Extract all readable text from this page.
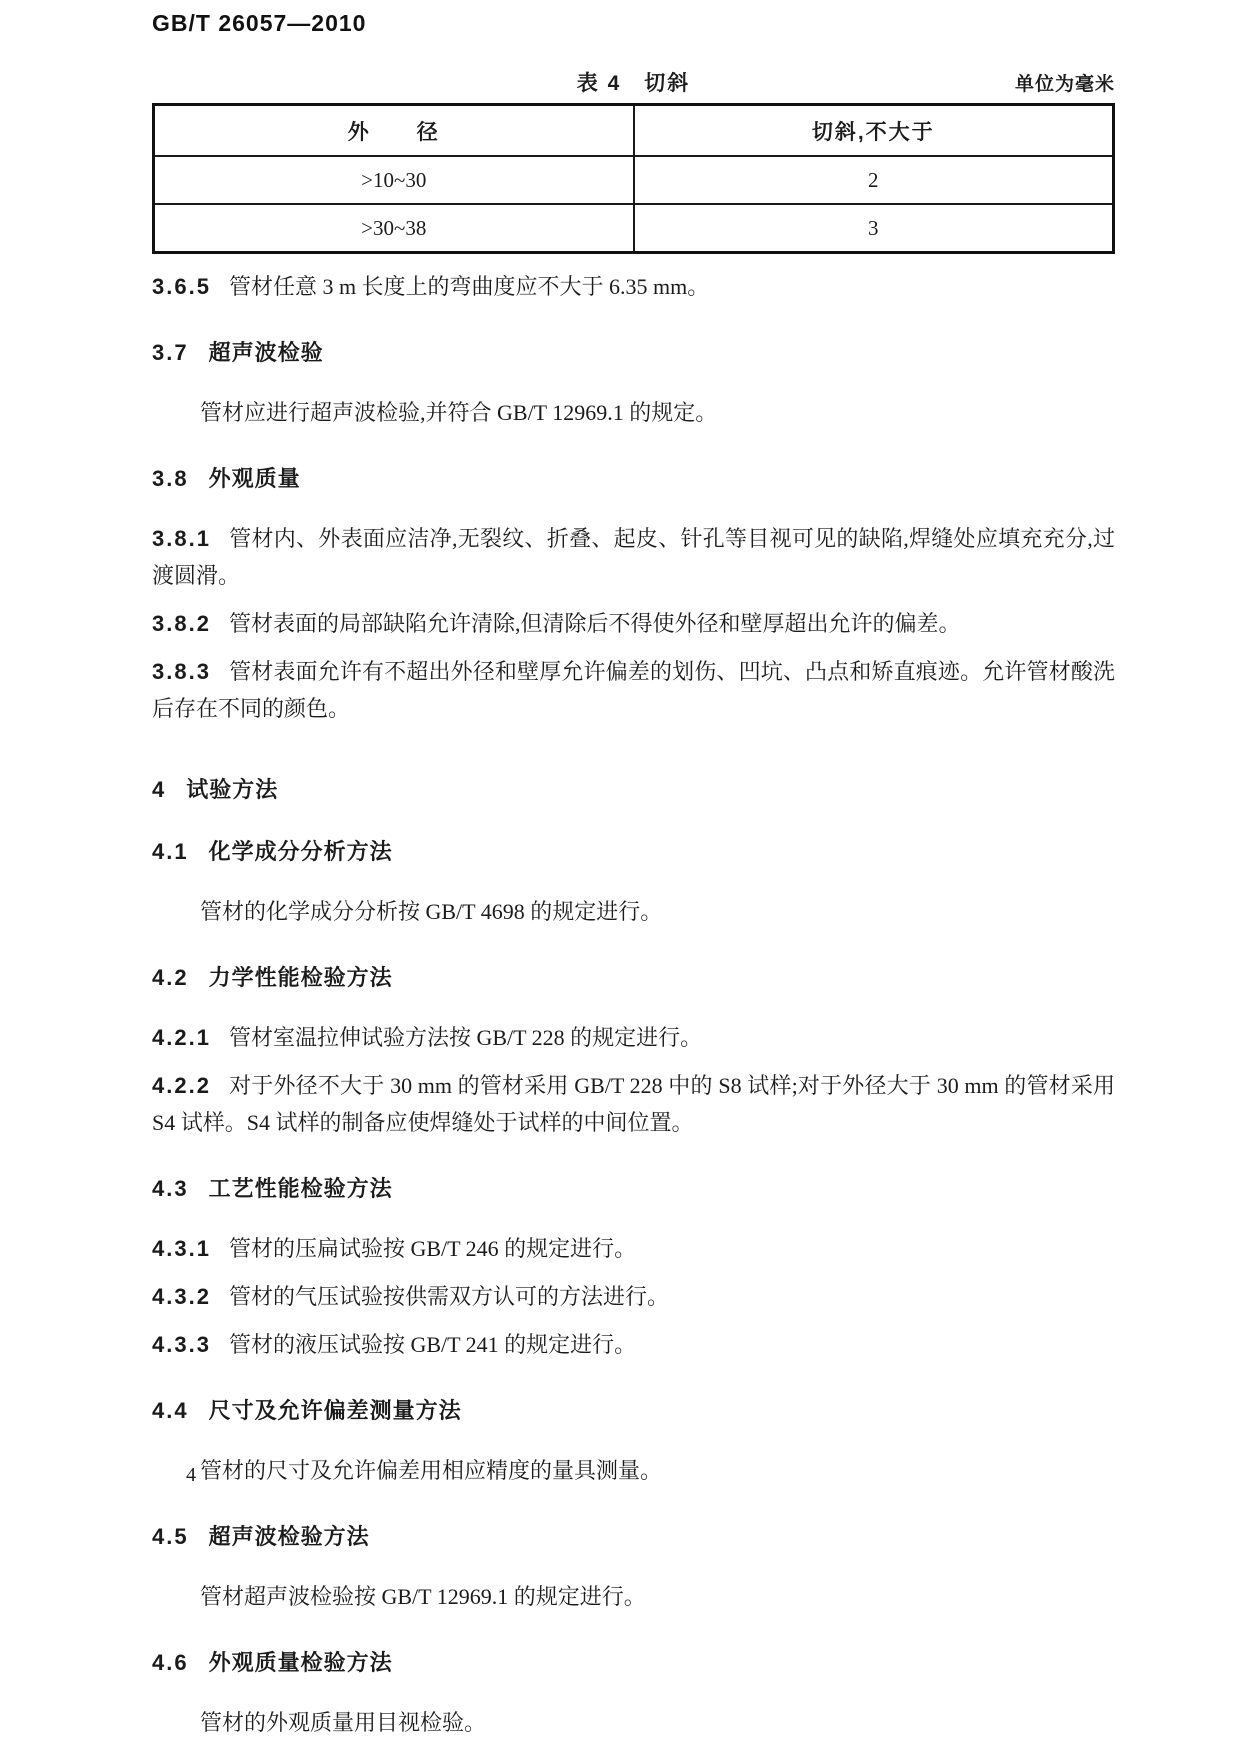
GB/T 26057—2010
表 4　切斜	单位为毫米
外　　径	切斜,不大于
>10~30	2
>30~38	3

3.6.5 管材任意 3 m 长度上的弯曲度应不大于 6.35 mm。

3.7 超声波检验

管材应进行超声波检验,并符合 GB/T 12969.1 的规定。

3.8 外观质量

3.8.1 管材内、外表面应洁净,无裂纹、折叠、起皮、针孔等目视可见的缺陷,焊缝处应填充充分,过渡圆滑。

3.8.2 管材表面的局部缺陷允许清除,但清除后不得使外径和壁厚超出允许的偏差。

3.8.3 管材表面允许有不超出外径和壁厚允许偏差的划伤、凹坑、凸点和矫直痕迹。允许管材酸洗后存在不同的颜色。

4 试验方法

4.1 化学成分分析方法

管材的化学成分分析按 GB/T 4698 的规定进行。

4.2 力学性能检验方法

4.2.1 管材室温拉伸试验方法按 GB/T 228 的规定进行。

4.2.2 对于外径不大于 30 mm 的管材采用 GB/T 228 中的 S8 试样;对于外径大于 30 mm 的管材采用 S4 试样。S4 试样的制备应使焊缝处于试样的中间位置。

4.3 工艺性能检验方法

4.3.1 管材的压扁试验按 GB/T 246 的规定进行。

4.3.2 管材的气压试验按供需双方认可的方法进行。

4.3.3 管材的液压试验按 GB/T 241 的规定进行。

4.4 尺寸及允许偏差测量方法

管材的尺寸及允许偏差用相应精度的量具测量。

4.5 超声波检验方法

管材超声波检验按 GB/T 12969.1 的规定进行。

4.6 外观质量检验方法

管材的外观质量用目视检验。

4
